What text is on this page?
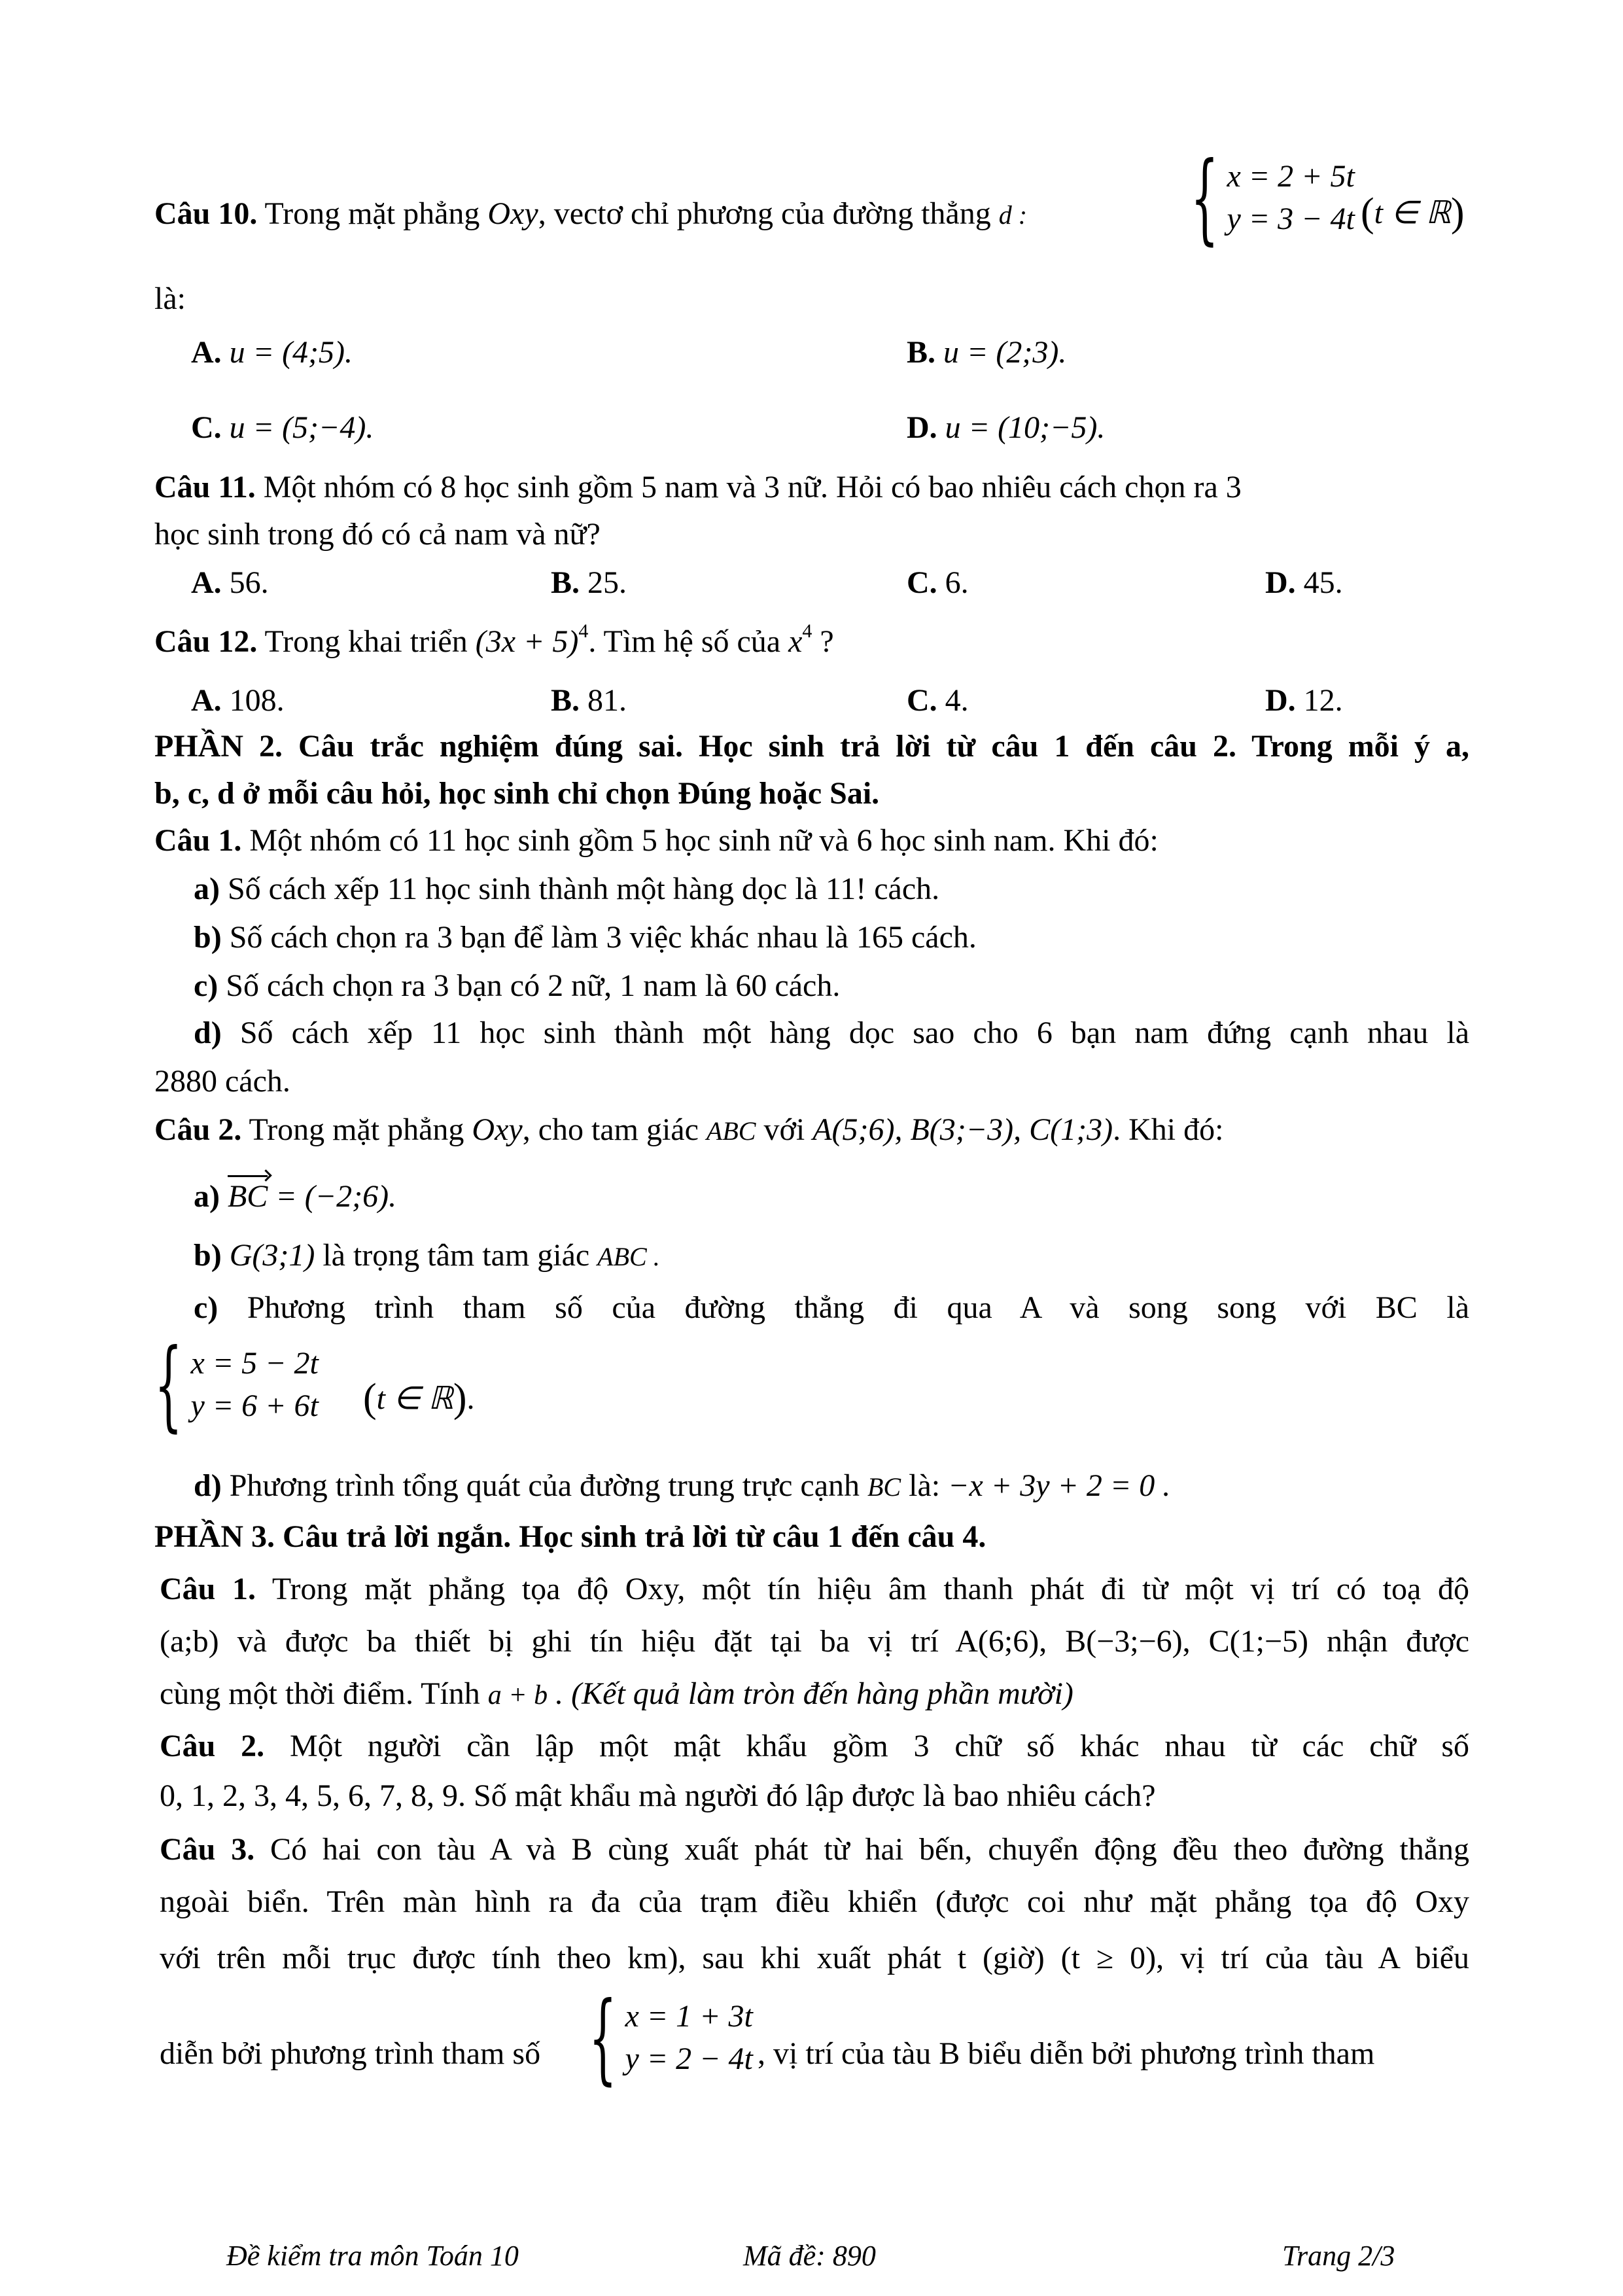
Câu 10. Trong mặt phẳng Oxy, vectơ chỉ phương của đường thẳng d : { x = 2 + 5t
y = 3 − 4t (t ∈ ℝ)
là:
A. u = (4;5).	B. u = (2;3).
C. u = (5;−4).	D. u = (10;−5).
Câu 11. Một nhóm có 8 học sinh gồm 5 nam và 3 nữ. Hỏi có bao nhiêu cách chọn ra 3
học sinh trong đó có cả nam và nữ?
A. 56.	B. 25.	C. 6.	D. 45.
Câu 12. Trong khai triển $(3x + 5)^4$. Tìm hệ số của $x^4$ ?
A. 108.	B. 81.	C. 4.	D. 12.
PHẦN 2. Câu trắc nghiệm đúng sai. Học sinh trả lời từ câu 1 đến câu 2. Trong mỗi ý a,
b, c, d ở mỗi câu hỏi, học sinh chỉ chọn Đúng hoặc Sai.
Câu 1. Một nhóm có 11 học sinh gồm 5 học sinh nữ và 6 học sinh nam. Khi đó:
a) Số cách xếp 11 học sinh thành một hàng dọc là 11! cách.
b) Số cách chọn ra 3 bạn để làm 3 việc khác nhau là 165 cách.
c) Số cách chọn ra 3 bạn có 2 nữ, 1 nam là 60 cách.
d) Số cách xếp 11 học sinh thành một hàng dọc sao cho 6 bạn nam đứng cạnh nhau là
2880 cách.
Câu 2. Trong mặt phẳng Oxy, cho tam giác ABC với A(5;6), B(3;−3), C(1;3). Khi đó:
a) BC = (−2;6).
b) G(3;1) là trọng tâm tam giác ABC .
c) Phương trình tham số của đường thẳng đi qua A và song song với BC là
{ x = 5 − 2t
y = 6 + 6t (t ∈ ℝ).
d) Phương trình tổng quát của đường trung trực cạnh BC là: −x + 3y + 2 = 0 .
PHẦN 3. Câu trả lời ngắn. Học sinh trả lời từ câu 1 đến câu 4.
Câu 1. Trong mặt phẳng tọa độ Oxy, một tín hiệu âm thanh phát đi từ một vị trí có toạ độ
(a;b) và được ba thiết bị ghi tín hiệu đặt tại ba vị trí A(6;6), B(−3;−6), C(1;−5) nhận được
cùng một thời điểm. Tính a + b . (Kết quả làm tròn đến hàng phần mười)
Câu 2. Một người cần lập một mật khẩu gồm 3 chữ số khác nhau từ các chữ số
0, 1, 2, 3, 4, 5, 6, 7, 8, 9. Số mật khẩu mà người đó lập được là bao nhiêu cách?
Câu 3. Có hai con tàu A và B cùng xuất phát từ hai bến, chuyển động đều theo đường thẳng
ngoài biển. Trên màn hình ra đa của trạm điều khiển (được coi như mặt phẳng tọa độ Oxy
với trên mỗi trục được tính theo km), sau khi xuất phát t (giờ) (t ≥ 0), vị trí của tàu A biểu
diễn bởi phương trình tham số { x = 1 + 3t
y = 2 − 4t , vị trí của tàu B biểu diễn bởi phương trình tham
Đề kiểm tra môn Toán 10	Mã đề: 890	Trang 2/3
